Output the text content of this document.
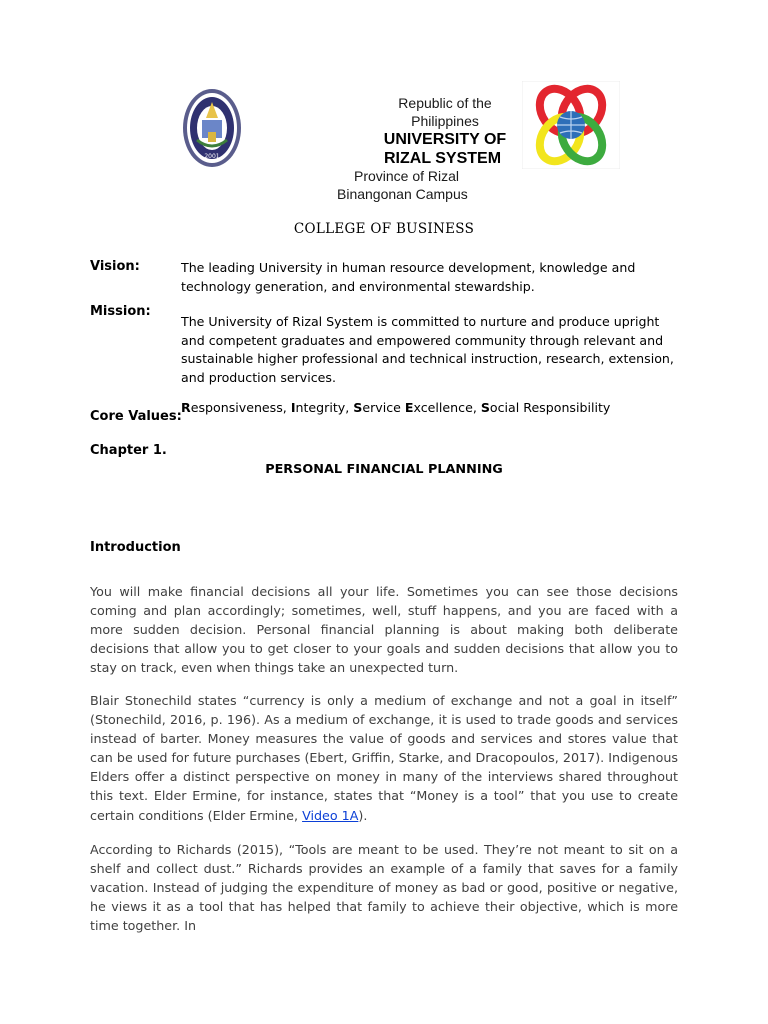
2001
Republic of the
Philippines
UNIVERSITY OF
RIZAL SYSTEM
Province of Rizal
Binangonan Campus
COLLEGE OF BUSINESS
Vision:	The leading University in human resource development, knowledge and technology generation, and environmental stewardship.
Mission:
The University of Rizal System is committed to nurture and produce upright and competent graduates and empowered community through relevant and sustainable higher professional and technical instruction, research, extension, and production services.
Core Values:
Responsiveness, Integrity, Service Excellence, Social Responsibility
Chapter 1.
PERSONAL FINANCIAL PLANNING
Introduction
You will make financial decisions all your life. Sometimes you can see those decisions coming and plan accordingly; sometimes, well, stuff happens, and you are faced with a more sudden decision. Personal financial planning is about making both deliberate decisions that allow you to get closer to your goals and sudden decisions that allow you to stay on track, even when things take an unexpected turn.
Blair Stonechild states “currency is only a medium of exchange and not a goal in itself” (Stonechild, 2016, p. 196). As a medium of exchange, it is used to trade goods and services instead of barter. Money measures the value of goods and services and stores value that can be used for future purchases (Ebert, Griffin, Starke, and Dracopoulos, 2017). Indigenous Elders offer a distinct perspective on money in many of the interviews shared throughout this text. Elder Ermine, for instance, states that “Money is a tool” that you use to create certain conditions (Elder Ermine, Video 1A).
According to Richards (2015), “Tools are meant to be used. They’re not meant to sit on a shelf and collect dust.” Richards provides an example of a family that saves for a family vacation. Instead of judging the expenditure of money as bad or good, positive or negative, he views it as a tool that has helped that family to achieve their objective, which is more time together. In
